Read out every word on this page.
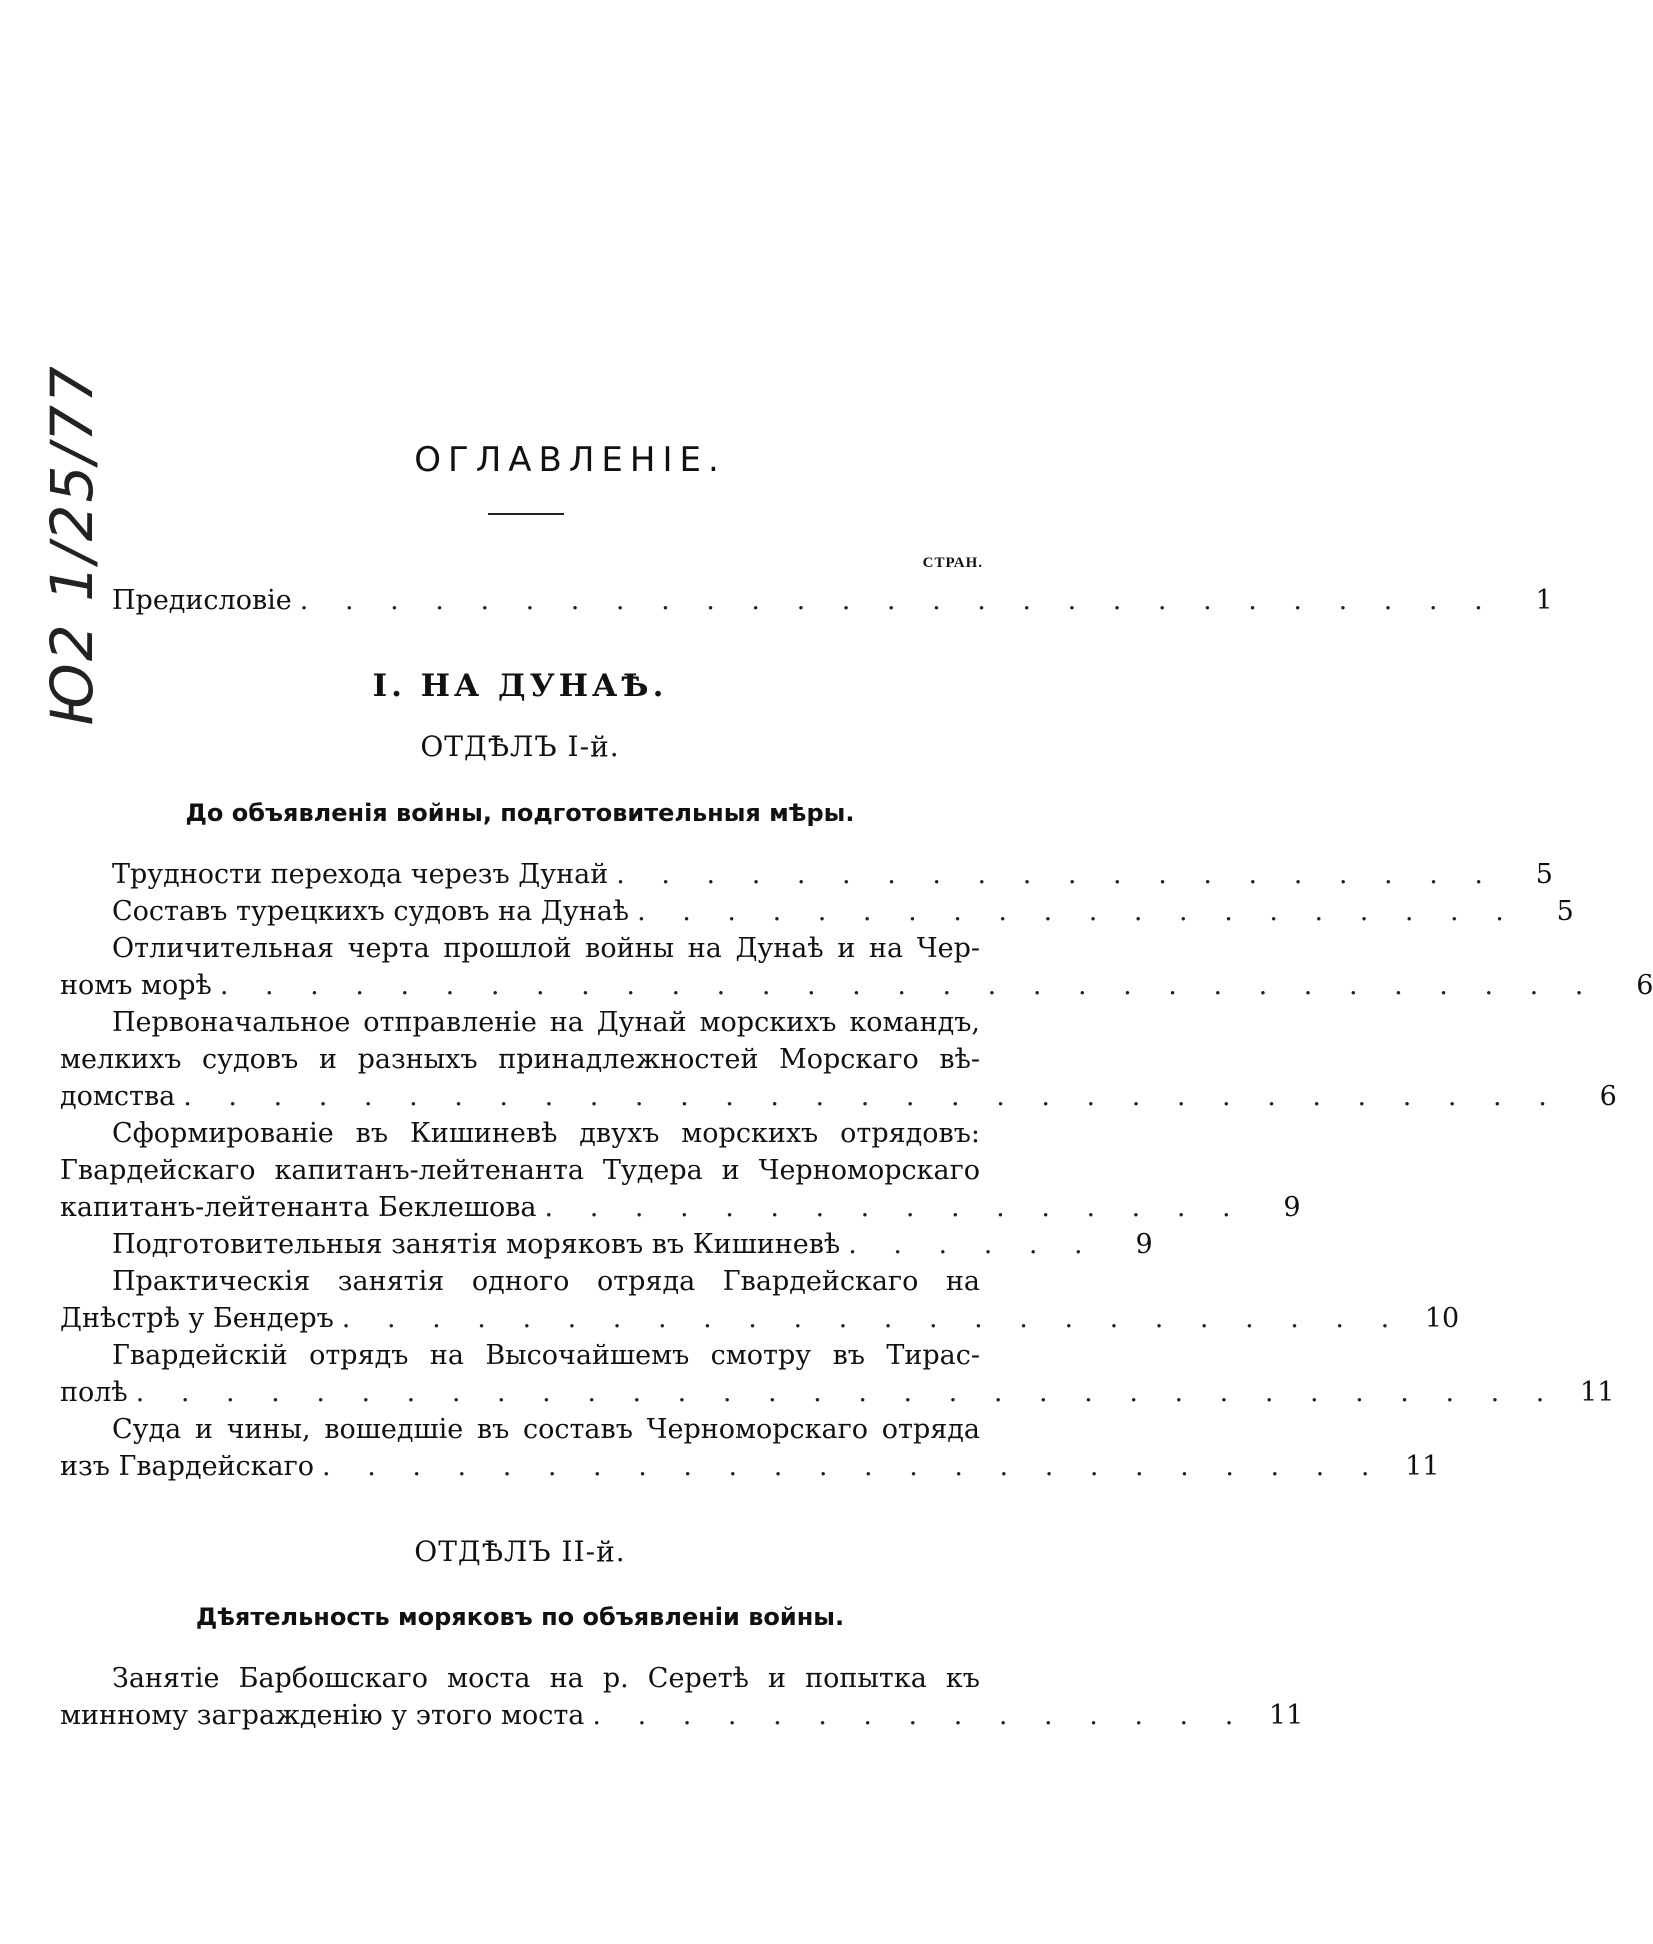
Ю2 1/25/77	ОГЛАВЛЕНІЕ.
СТРАН.
Предисловіе . . . . . . . . . . . . . . . . . . . . . . . . . . .	1
I. НА ДУНАѢ.
ОТДѢЛЪ I-й.
До объявленія войны, подготовительныя мѣры.
Трудности перехода черезъ Дунай . . . . . . . . . . . . . . . . . . . .	5
Составъ турецкихъ судовъ на Дунаѣ . . . . . . . . . . . . . . . . . . . .	5
Отличительная черта прошлой войны на Дунаѣ и на Чер-
номъ морѣ . . . . . . . . . . . . . . . . . . . . . . . . . . . . . . .	6
Первоначальное отправленіе на Дунай морскихъ командъ,
мелкихъ судовъ и разныхъ принадлежностей Морскаго вѣ-
домства . . . . . . . . . . . . . . . . . . . . . . . . . . . . . . .	6
Сформированіе въ Кишиневѣ двухъ морскихъ отрядовъ:
Гвардейскаго капитанъ-лейтенанта Тудера и Черноморскаго
капитанъ-лейтенанта Беклешова . . . . . . . . . . . . . . . .	9
Подготовительныя занятія моряковъ въ Кишиневѣ . . . . . .	9
Практическія занятія одного отряда Гвардейскаго на
Днѣстрѣ у Бендеръ . . . . . . . . . . . . . . . . . . . . . . . . 10
Гвардейскій отрядъ на Высочайшемъ смотру въ Тирас-
полѣ . . . . . . . . . . . . . . . . . . . . . . . . . . . . . . . . 11
Суда и чины, вошедшіе въ составъ Черноморскаго отряда
изъ Гвардейскаго . . . . . . . . . . . . . . . . . . . . . . . . 11
ОТДѢЛЪ II-й.
Дѣятельность моряковъ по объявленіи войны.
Занятіе Барбошскаго моста на р. Серетѣ и попытка къ
минному загражденію у этого моста . . . . . . . . . . . . . . . 11
